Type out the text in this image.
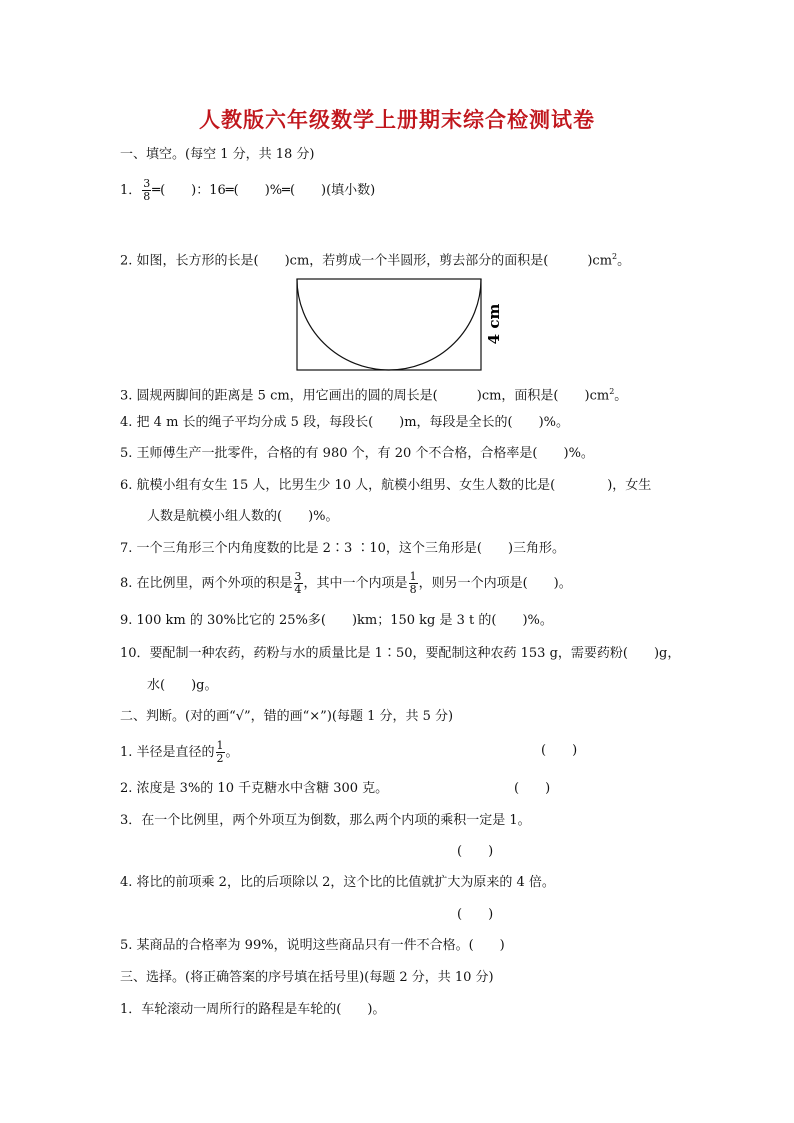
人教版六年级数学上册期末综合检测试卷
一、填空。(每空 1 分，共 18 分)
1． $\frac{3}{8}$ ═(　　)：16═(　　)%═(　　)(填小数)
2. 如图，长方形的长是(　　)cm，若剪成一个半圆形，剪去部分的面积是(　　　)$cm^2$。
4 cm
3. 圆规两脚间的距离是 5 cm，用它画出的圆的周长是(　　　)cm，面积是(　　)$cm^2$。
4. 把 4 m 长的绳子平均分成 5 段，每段长(　　)m，每段是全长的(　　)%。
5. 王师傅生产一批零件，合格的有 980 个，有 20 个不合格，合格率是(　　)%。
6. 航模小组有女生 15 人，比男生少 10 人，航模小组男、女生人数的比是(　　　　)，女生
人数是航模小组人数的(　　)%。
7. 一个三角形三个内角度数的比是 2∶3 ∶10，这个三角形是(　　)三角形。
8. 在比例里，两个外项的积是 $\frac{3}{4}$ ，其中一个内项是 $\frac{1}{8}$ ，则另一个内项是(　　)。
9. 100 km 的 30%比它的 25%多(　　)km；150 kg 是 3 t 的(　　)%。
10．要配制一种农药，药粉与水的质量比是 1∶50，要配制这种农药 153 g，需要药粉(　　)g，
水(　　)g。
二、判断。(对的画“√”，错的画“×”)(每题 1 分，共 5 分)
1. 半径是直径的 $\frac{1}{2}$ 。	(　　)
2. 浓度是 3%的 10 千克糖水中含糖 300 克。	(　　)
3．在一个比例里，两个外项互为倒数，那么两个内项的乘积一定是 1。
(　　)
4. 将比的前项乘 2，比的后项除以 2，这个比的比值就扩大为原来的 4 倍。
(　　)
5. 某商品的合格率为 99%，说明这些商品只有一件不合格。(　　)
三、选择。(将正确答案的序号填在括号里)(每题 2 分，共 10 分)
1．车轮滚动一周所行的路程是车轮的(　　)。
